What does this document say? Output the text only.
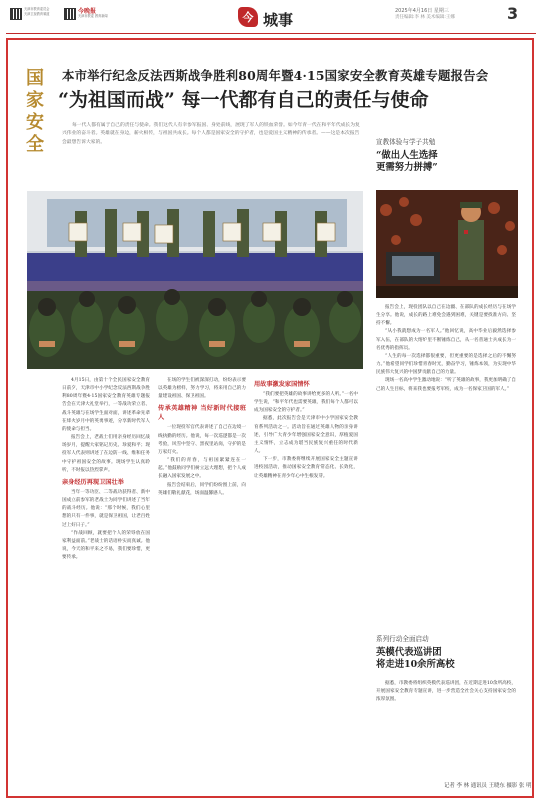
天津市教育委员会
天津卫视教育频道	今晚报
天津市教委 教育新闻	今 城事	2025年4月16日 星期三
责任编辑:李 林 美术编辑:王娜	3
国
家
安
全
本市举行纪念反法西斯战争胜利80周年暨4·15国家安全教育英雄专题报告会
“为祖国而战” 每一代都有自己的责任与使命
每一代人都有属于自己的责任与使命。我们这代人有幸参军报国、身处前线，展现了军人的铁血荣誉。如今年青一代在和平年代成长为复兴伟业的奋斗者。英雄就在身边，薪火相传，与祖国共成长。每个人都是国家安全的守护者，也是爱国主义精神的传承者。——这是本次报告会最想告诉大家的。

4月15日，由第十个全民国家安全教育日前夕，天津市中小学纪念反法西斯战争胜利80周年暨4·15国家安全教育英雄专题报告会在天津大礼堂举行，一等战功荣立者、战斗英雄与在场学生面对面，讲述革命先辈在烽火岁月中的英勇事迹，分享新时代军人的使命与担当。

报告会上，老战士们用亲身经历回忆战场岁月，提醒大家铭记历史、珍爱和平；现役军人代表则讲述了在边防一线、维和任务中守护祖国安全的故事。现场学生认真聆听，不时报以热烈掌声。

亲身经历再现卫国壮举

当年一等功臣、二等战功获得者、新中国成立前参军的老战士为同学们讲述了当年的战斗经历。他说：“那个时候，我们心里想的只有一件事，就是保卫祖国，让老百姓过上好日子。”

“作战回顾，就要把个人的荣辱放在国家利益面前。”老战士的话语朴实而真诚。他说，今天的和平来之不易，我们要珍惜，更要传承。

在场的学生们被深深打动，纷纷表示要以英雄为榜样，努力学习，将来用自己的力量建设祖国、保卫祖国。

传承英雄精神 当好新时代接班人

一位现役军官代表讲述了自己在边境一线执勤的经历。他说，每一次巡逻都是一次考验，风雪中坚守、黑夜里站岗，守护的是万家灯火。

“我们的青春，与祖国紧紧连在一起。”他鼓励同学们树立远大理想，把个人成长融入国家发展之中。

报告会结束后，同学们纷纷围上前，向英雄们敬礼献花，场面温馨感人。

用故事激发家国情怀

“我们要把英雄的故事讲给更多的人听。”一名中学生说，“和平年代也需要英雄，我们每个人都可以成为国家安全的守护者。”

据悉，此次报告会是天津市中小学国家安全教育系列活动之一。活动旨在通过英雄人物的亲身讲述，引导广大青少年增强国家安全意识，厚植爱国主义情怀，立志成为堪当民族复兴重任的时代新人。

下一步，市教委将继续开展国家安全主题宣讲进校园活动，推动国家安全教育常态化、长效化，让英雄精神在青少年心中生根发芽。

宣教体验与学子共勉
“做出人生选择
更需努力拼搏”

报告会上，现役团队以自己在边疆、在部队的成长经历与在场学生分享。他说，成长的路上难免会遇到困难，关键是要找准方向、坚持不懈。

“从小我就想成为一名军人。”他回忆说，高中毕业后毅然选择参军入伍，在部队的大熔炉里不断锤炼自己，从一名普通士兵成长为一名优秀的指挥员。

“人生的每一次选择都很重要，但更重要的是选择之后的不懈努力。”他希望同学们珍惜青春时光，勤奋学习，锤炼本领，为实现中华民族伟大复兴的中国梦贡献自己的力量。

现场一名高中学生激动地说：“听了英雄的故事，我更加明确了自己的人生目标，将来我也要报考军校，成为一名保家卫国的军人。”

系列行动全面启动
英模代表巡讲团
将走进10余所高校

据悉，市教委将组织英模代表巡讲团，在近期走进10余所高校，开展国家安全教育专题宣讲，进一步营造全社会关心支持国家安全的浓厚氛围。

记者 李 林 通讯员 王晓东 摄影 张 明
